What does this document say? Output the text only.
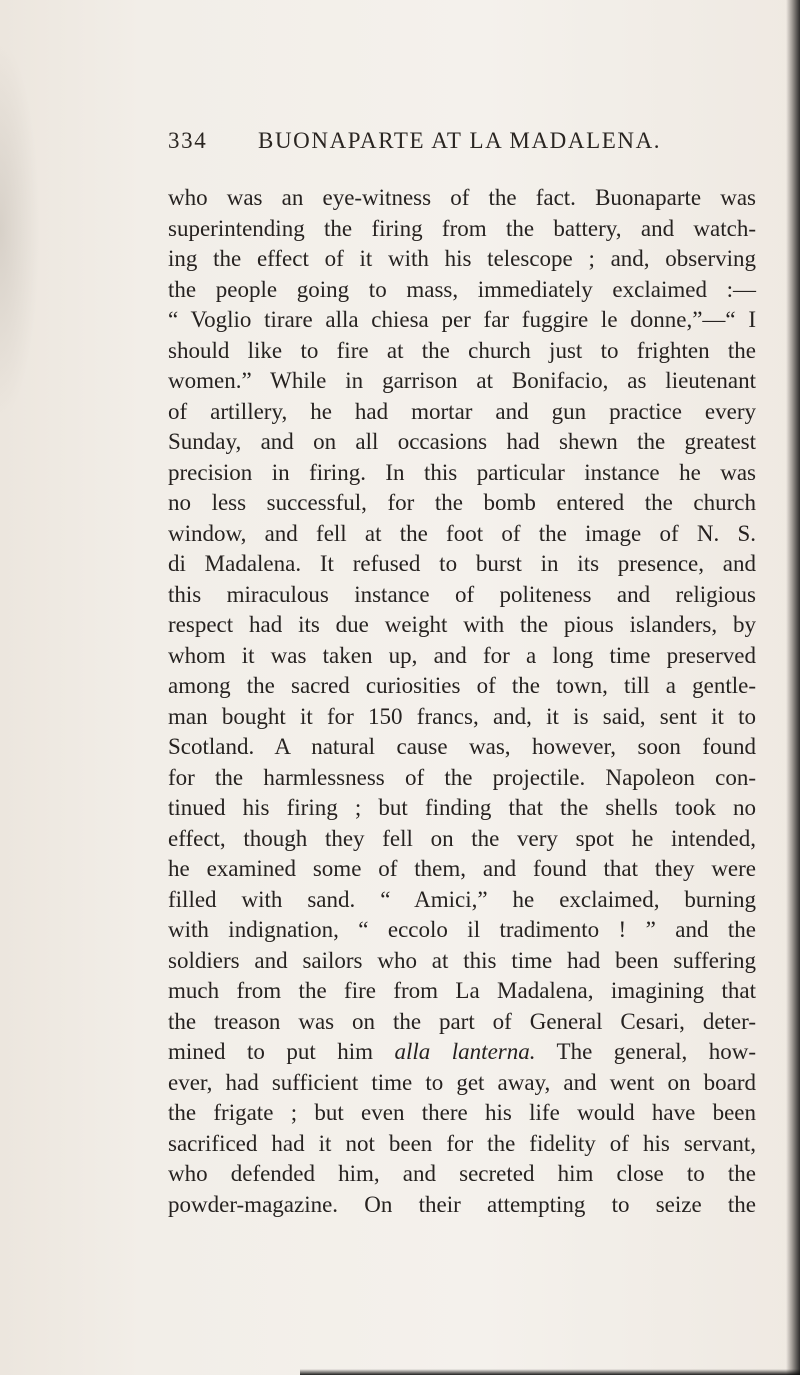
334 BUONAPARTE AT LA MADALENA.
who was an eye-witness of the fact. Buonaparte was
superintending the firing from the battery, and watch-
ing the effect of it with his telescope ; and, observing
the people going to mass, immediately exclaimed :—
“ Voglio tirare alla chiesa per far fuggire le donne,”—“ I
should like to fire at the church just to frighten the
women.” While in garrison at Bonifacio, as lieutenant
of artillery, he had mortar and gun practice every
Sunday, and on all occasions had shewn the greatest
precision in firing. In this particular instance he was
no less successful, for the bomb entered the church
window, and fell at the foot of the image of N. S.
di Madalena. It refused to burst in its presence, and
this miraculous instance of politeness and religious
respect had its due weight with the pious islanders, by
whom it was taken up, and for a long time preserved
among the sacred curiosities of the town, till a gentle-
man bought it for 150 francs, and, it is said, sent it to
Scotland. A natural cause was, however, soon found
for the harmlessness of the projectile. Napoleon con-
tinued his firing ; but finding that the shells took no
effect, though they fell on the very spot he intended,
he examined some of them, and found that they were
filled with sand. “ Amici,” he exclaimed, burning
with indignation, “ eccolo il tradimento ! ” and the
soldiers and sailors who at this time had been suffering
much from the fire from La Madalena, imagining that
the treason was on the part of General Cesari, deter-
mined to put him alla lanterna. The general, how-
ever, had sufficient time to get away, and went on board
the frigate ; but even there his life would have been
sacrificed had it not been for the fidelity of his servant,
who defended him, and secreted him close to the
powder-magazine. On their attempting to seize the
